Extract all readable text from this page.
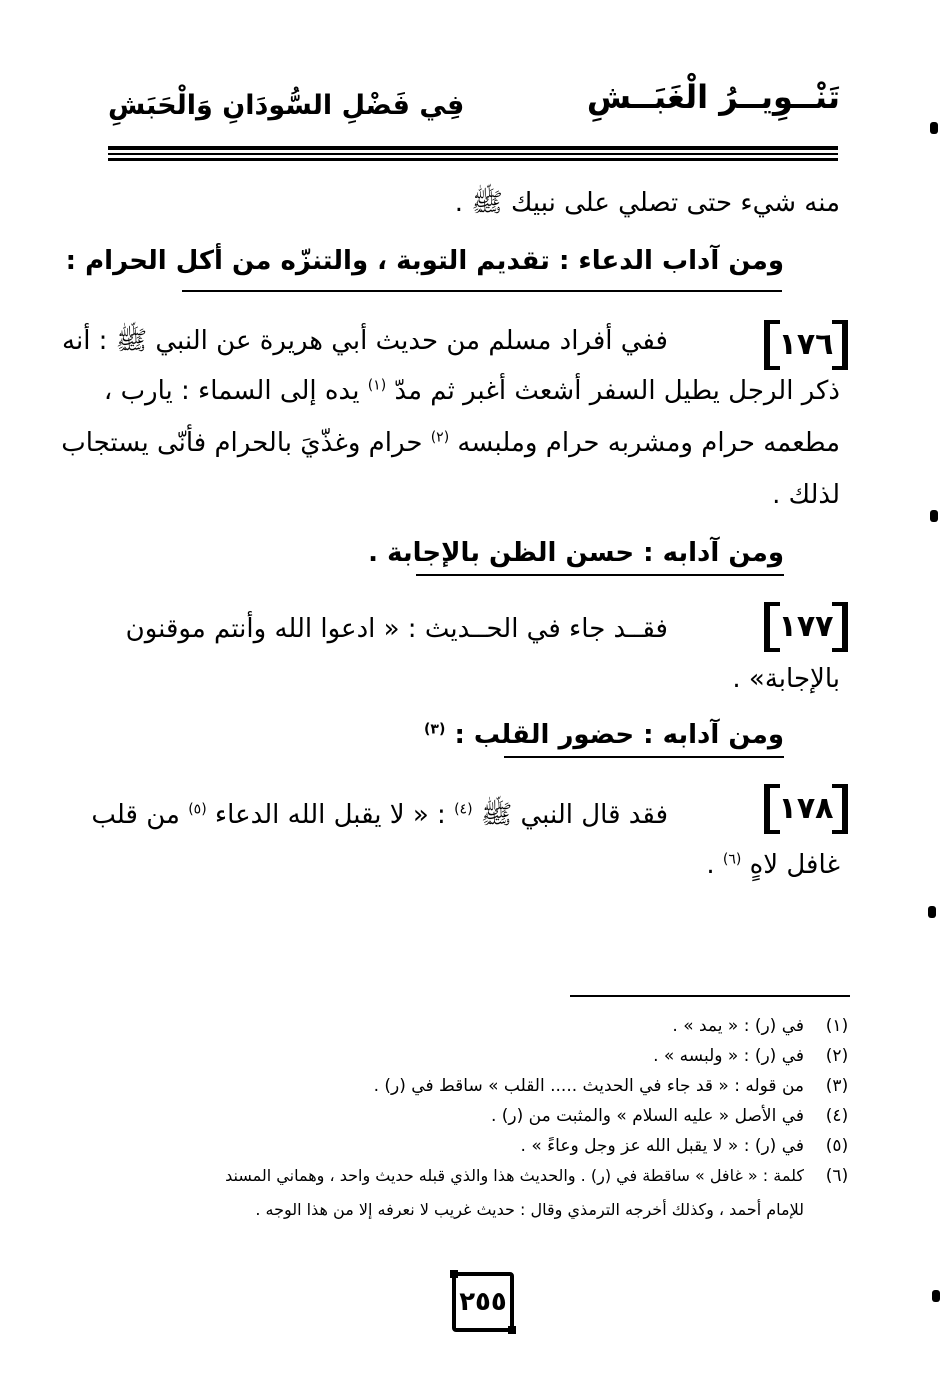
تَنْــوِيــرُ الْغَبَــشِ
فِي فَضْلِ السُّودَانِ وَالْحَبَشِ
منه شيء حتى تصلي على نبيك ﷺ .
ومن آداب الدعاء : تقديم التوبة ، والتنزّه من أكل الحرام :
١٧٦
ففي أفراد مسلم من حديث أبي هريرة عن النبي ﷺ : أنه
ذكر الرجل يطيل السفر أشعث أغبر ثم مدّ $^{(١)}$ يده إلى السماء : يارب ،
مطعمه حرام ومشربه حرام وملبسه $^{(٢)}$ حرام وغذّيَ بالحرام فأنّى يستجاب
لذلك .
ومن آدابه : حسن الظن بالإجابة .
١٧٧
فقــد جاء في الحــديث : « ادعوا الله وأنتم موقنون
بالإجابة» .
ومن آدابه : حضور القلب : $^{(٣)}$
١٧٨
فقد قال النبي ﷺ $^{(٤)}$ : « لا يقبل الله الدعاء $^{(٥)}$ من قلب
غافل لاهٍ $^{(٦)}$ .
(١)
في (ر) : « يمد » .
(٢)
في (ر) : « ولبسه » .
(٣)
من قوله : « قد جاء في الحديث ..... القلب » ساقط في (ر) .
(٤)
في الأصل « عليه السلام » والمثبت من (ر) .
(٥)
في (ر) : « لا يقبل الله عز وجل وعاءً » .
(٦)
كلمة : « غافل » ساقطة في (ر) . والحديث هذا والذي قبله حديث واحد ، وهماني المسند
للإمام أحمد ، وكذلك أخرجه الترمذي وقال : حديث غريب لا نعرفه إلا من هذا الوجه .
٢٥٥
